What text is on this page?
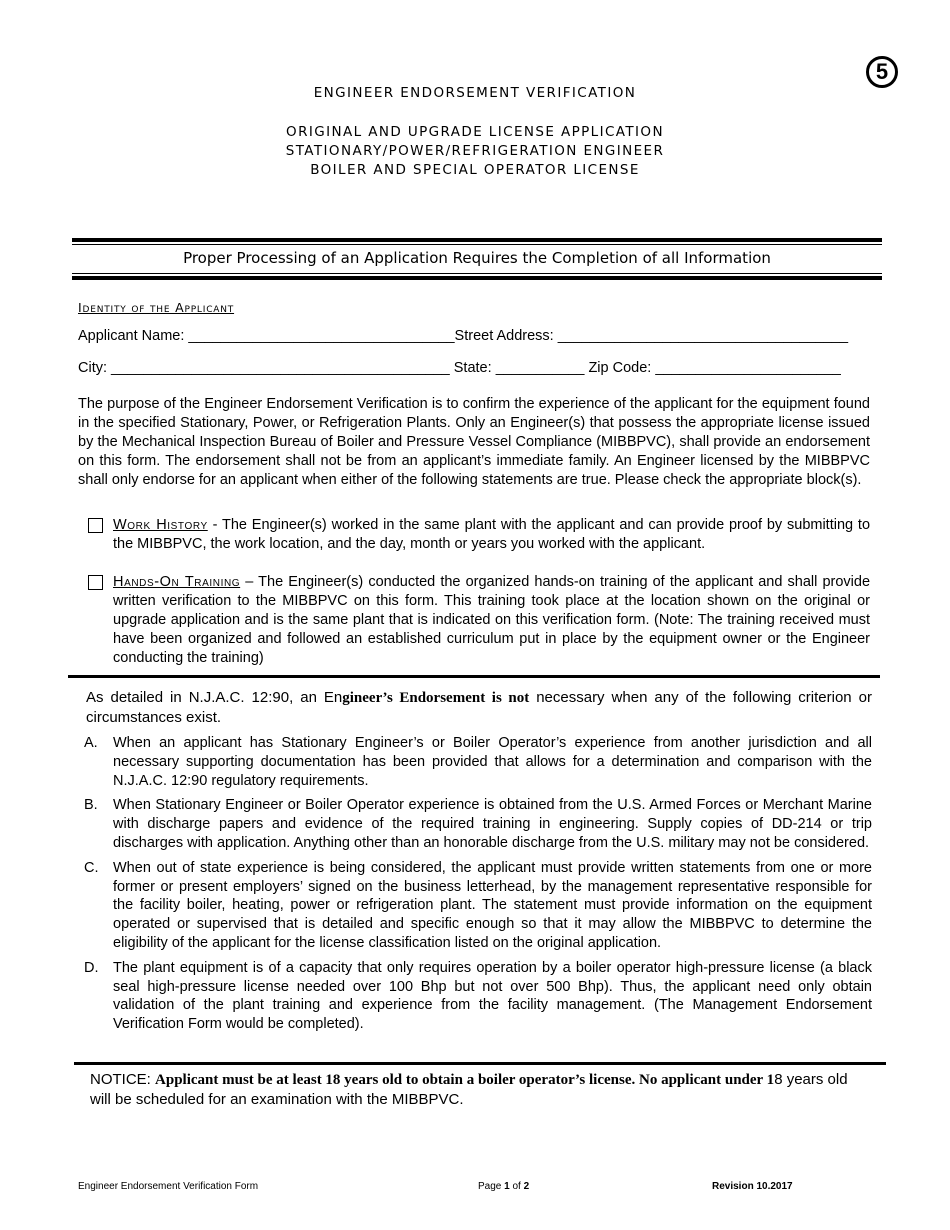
5
ENGINEER ENDORSEMENT VERIFICATION
ORIGINAL AND UPGRADE LICENSE APPLICATION
STATIONARY/POWER/REFRIGERATION ENGINEER
BOILER AND SPECIAL OPERATOR LICENSE
Proper Processing of an Application Requires the Completion of all Information
Identity of the Applicant
Applicant Name: _________________________________Street Address: ____________________________________
City: __________________________________________ State: ___________ Zip Code: _______________________
The purpose of the Engineer Endorsement Verification is to confirm the experience of the applicant for the equipment found in the specified Stationary, Power, or Refrigeration Plants. Only an Engineer(s) that possess the appropriate license issued by the Mechanical Inspection Bureau of Boiler and Pressure Vessel Compliance (MIBBPVC), shall provide an endorsement on this form. The endorsement shall not be from an applicant’s immediate family. An Engineer licensed by the MIBBPVC shall only endorse for an applicant when either of the following statements are true. Please check the appropriate block(s).
Work History - The Engineer(s) worked in the same plant with the applicant and can provide proof by submitting to the MIBBPVC, the work location, and the day, month or years you worked with the applicant.
Hands-On Training – The Engineer(s) conducted the organized hands-on training of the applicant and shall provide written verification to the MIBBPVC on this form. This training took place at the location shown on the original or upgrade application and is the same plant that is indicated on this verification form. (Note: The training received must have been organized and followed an established curriculum put in place by the equipment owner or the Engineer conducting the training)
As detailed in N.J.A.C. 12:90, an Engineer’s Endorsement is not necessary when any of the following criterion or circumstances exist.
A. When an applicant has Stationary Engineer’s or Boiler Operator’s experience from another jurisdiction and all necessary supporting documentation has been provided that allows for a determination and comparison with the N.J.A.C. 12:90 regulatory requirements.
B. When Stationary Engineer or Boiler Operator experience is obtained from the U.S. Armed Forces or Merchant Marine with discharge papers and evidence of the required training in engineering. Supply copies of DD-214 or trip discharges with application. Anything other than an honorable discharge from the U.S. military may not be considered.
C. When out of state experience is being considered, the applicant must provide written statements from one or more former or present employers’ signed on the business letterhead, by the management representative responsible for the facility boiler, heating, power or refrigeration plant. The statement must provide information on the equipment operated or supervised that is detailed and specific enough so that it may allow the MIBBPVC to determine the eligibility of the applicant for the license classification listed on the original application.
D. The plant equipment is of a capacity that only requires operation by a boiler operator high-pressure license (a black seal high-pressure license needed over 100 Bhp but not over 500 Bhp). Thus, the applicant need only obtain validation of the plant training and experience from the facility management. (The Management Endorsement Verification Form would be completed).
NOTICE: Applicant must be at least 18 years old to obtain a boiler operator’s license. No applicant under 18 years old will be scheduled for an examination with the MIBBPVC.
Engineer Endorsement Verification Form	Page 1 of 2	Revision 10.2017
